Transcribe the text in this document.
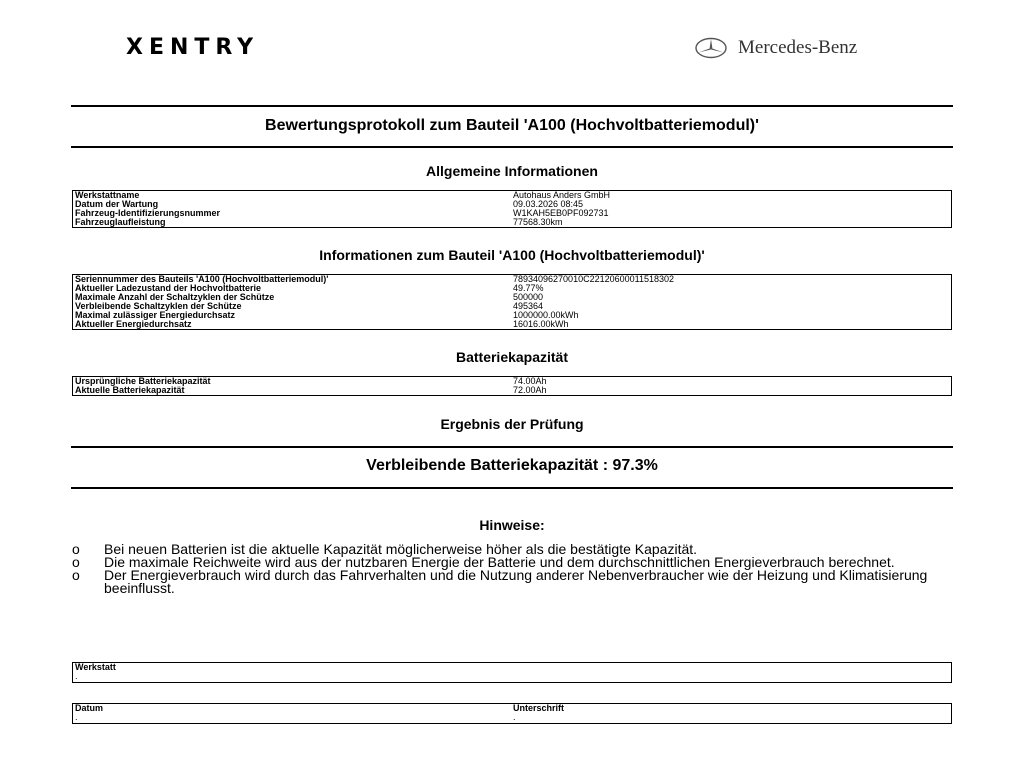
XENTRY	Mercedes-Benz
Bewertungsprotokoll zum Bauteil 'A100 (Hochvoltbatteriemodul)'
Allgemeine Informationen
Werkstattname	Autohaus Anders GmbH
Datum der Wartung	09.03.2026 08:45
Fahrzeug-Identifizierungsnummer	W1KAH5EB0PF092731
Fahrzeuglaufleistung	77568.30km
Informationen zum Bauteil 'A100 (Hochvoltbatteriemodul)'
Seriennummer des Bauteils 'A100 (Hochvoltbatteriemodul)'	78934096270010C22120600011518302
Aktueller Ladezustand der Hochvoltbatterie	49.77%
Maximale Anzahl der Schaltzyklen der Schütze	500000
Verbleibende Schaltzyklen der Schütze	495364
Maximal zulässiger Energiedurchsatz	1000000.00kWh
Aktueller Energiedurchsatz	16016.00kWh
Batteriekapazität
Ursprüngliche Batteriekapazität	74.00Ah
Aktuelle Batteriekapazität	72.00Ah
Ergebnis der Prüfung
Verbleibende Batteriekapazität : 97.3%
Hinweise:
o	Bei neuen Batterien ist die aktuelle Kapazität möglicherweise höher als die bestätigte Kapazität.
o	Die maximale Reichweite wird aus der nutzbaren Energie der Batterie und dem durchschnittlichen Energieverbrauch berechnet.
o	Der Energieverbrauch wird durch das Fahrverhalten und die Nutzung anderer Nebenverbraucher wie der Heizung und Klimatisierung beeinflusst.
Werkstatt
.
Datum	Unterschrift
.	.
